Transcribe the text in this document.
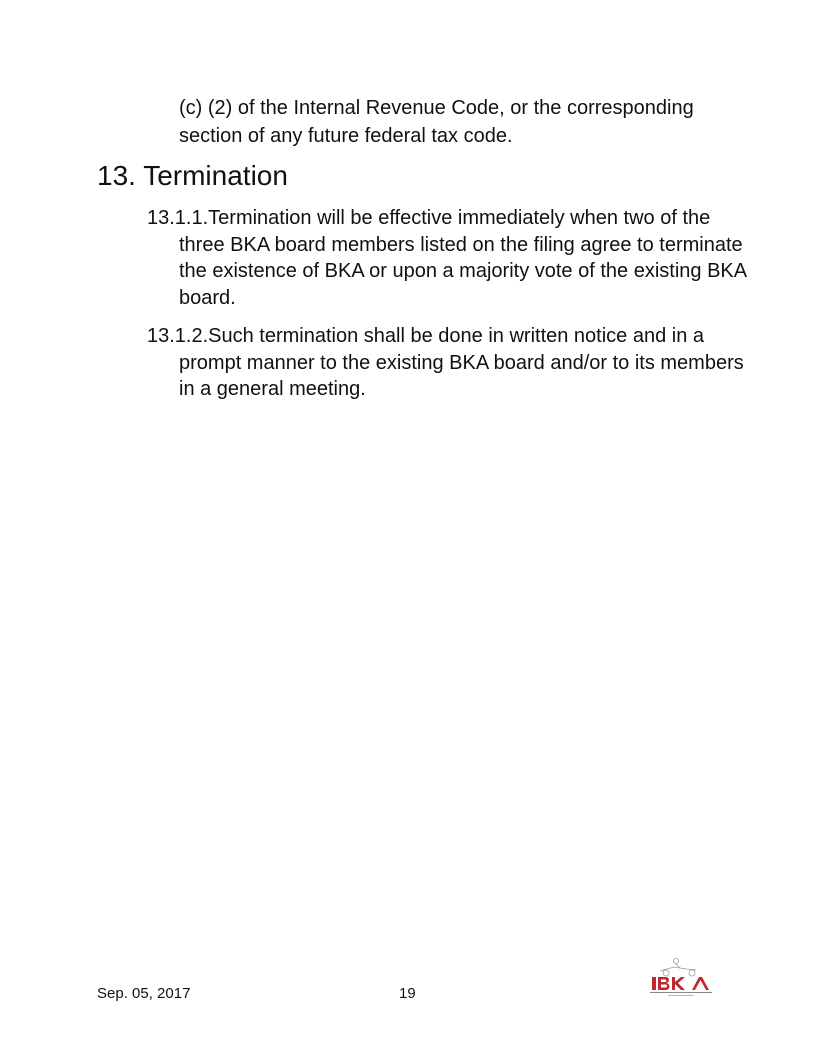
(c) (2) of the Internal Revenue Code, or the corresponding section of any future federal tax code.

13. Termination

13.1.1.Termination will be effective immediately when two of the three BKA board members listed on the filing agree to terminate the existence of BKA or upon a majority vote of the existing BKA board.

13.1.2.Such termination shall be done in written notice and in a prompt manner to the existing BKA board and/or to its members in a general meeting.

Sep. 05, 2017	19
